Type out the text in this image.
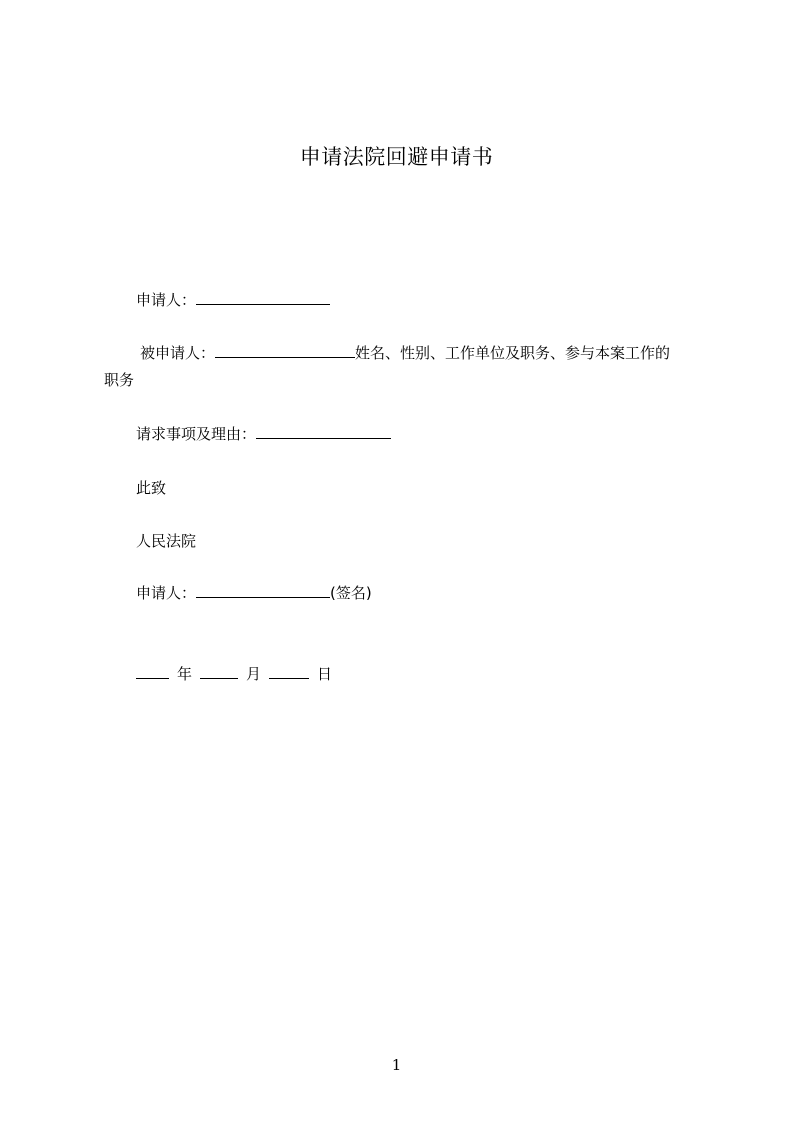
申请法院回避申请书
申请人：
被申请人：	姓名、性别、工作单位及职务、参与本案工作的
职务
请求事项及理由：
此致
人民法院
申请人：	(签名)
年	月	日
1
